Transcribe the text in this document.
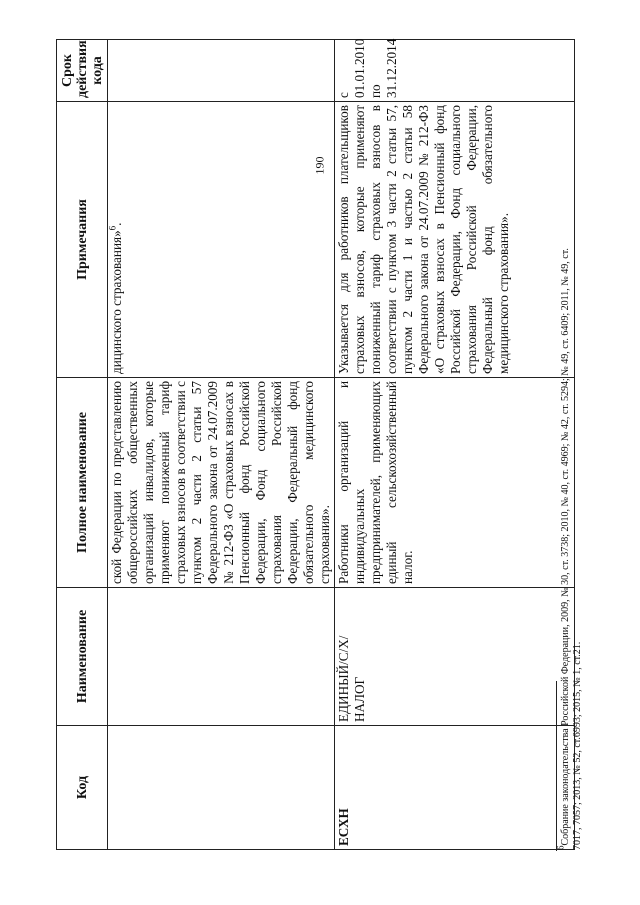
190
Код	Наименование	Полное наименование	Примечания	Срок действия кода
		ской Федерации по представлению общероссийских общественных организаций инвалидов, которые применяют пониженный тариф страховых взносов в соответствии с пунктом 2 части 2 статьи 57 Федерального закона от 24.07.2009 № 212-ФЗ «О страховых взносах в Пенсионный фонд Российской Федерации, Фонд социального страхования Российской Федерации, Федеральный фонд обязательного медицинского страхования».	дицинского страхования»$^6$.	
ЕСХН	ЕДИНЫЙ/С/Х/НАЛОГ	Работники организаций и индивидуальных предпринимателей, применяющих единый сельскохозяйственный налог.	Указывается для работников плательщиков страховых взносов, которые применяют пониженный тариф страховых взносов в соответствии с пунктом 3 части 2 статьи 57, пунктом 2 части 1 и частью 2 статьи 58 Федерального закона от 24.07.2009 № 212-ФЗ «О страховых взносах в Пенсионный фонд Российской Федерации, Фонд социального страхования Российской Федерации, Федеральный фонд обязательного медицинского страхования».	с 01.01.2010 по 31.12.2014
$^6$Собрание законодательства Российской Федерации, 2009, № 30, ст. 3738; 2010, № 40, ст. 4969; № 42, ст. 5294; № 49, ст. 6409; 2011, № 49, ст. 7017, 7057; 2013, № 52, ст.6993; 2015, № 1, ст.21.
